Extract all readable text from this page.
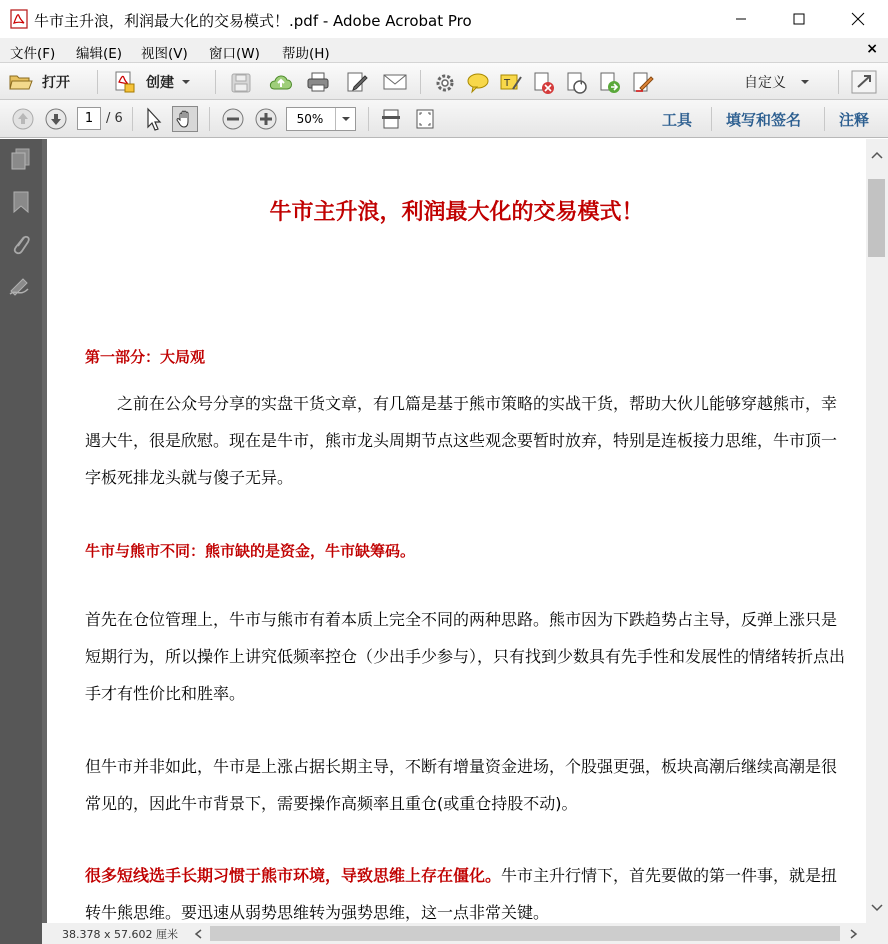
牛市主升浪，利润最大化的交易模式！.pdf - Adobe Acrobat Pro
文件(F) 编辑(E) 视图(V) 窗口(W) 帮助(H)	×
打开	创建	T	自定义
1 / 6	50%	工具 填写和签名	注释
牛市主升浪，利润最大化的交易模式！
第一部分：大局观
之前在公众号分享的实盘干货文章，有几篇是基于熊市策略的实战干货，帮助大伙儿能够穿越熊市，幸遇大牛，很是欣慰。现在是牛市，熊市龙头周期节点这些观念要暂时放弃，特别是连板接力思维，牛市顶一字板死排龙头就与傻子无异。
牛市与熊市不同：熊市缺的是资金，牛市缺筹码。
首先在仓位管理上，牛市与熊市有着本质上完全不同的两种思路。熊市因为下跌趋势占主导，反弹上涨只是短期行为，所以操作上讲究低频率控仓（少出手少参与），只有找到少数具有先手性和发展性的情绪转折点出手才有性价比和胜率。
但牛市并非如此，牛市是上涨占据长期主导，不断有增量资金进场，个股强更强，板块高潮后继续高潮是很常见的，因此牛市背景下，需要操作高频率且重仓(或重仓持股不动)。
很多短线选手长期习惯于熊市环境，导致思维上存在僵化。牛市主升行情下，首先要做的第一件事，就是扭转牛熊思维。要迅速从弱势思维转为强势思维，这一点非常关键。
38.378 x 57.602 厘米
